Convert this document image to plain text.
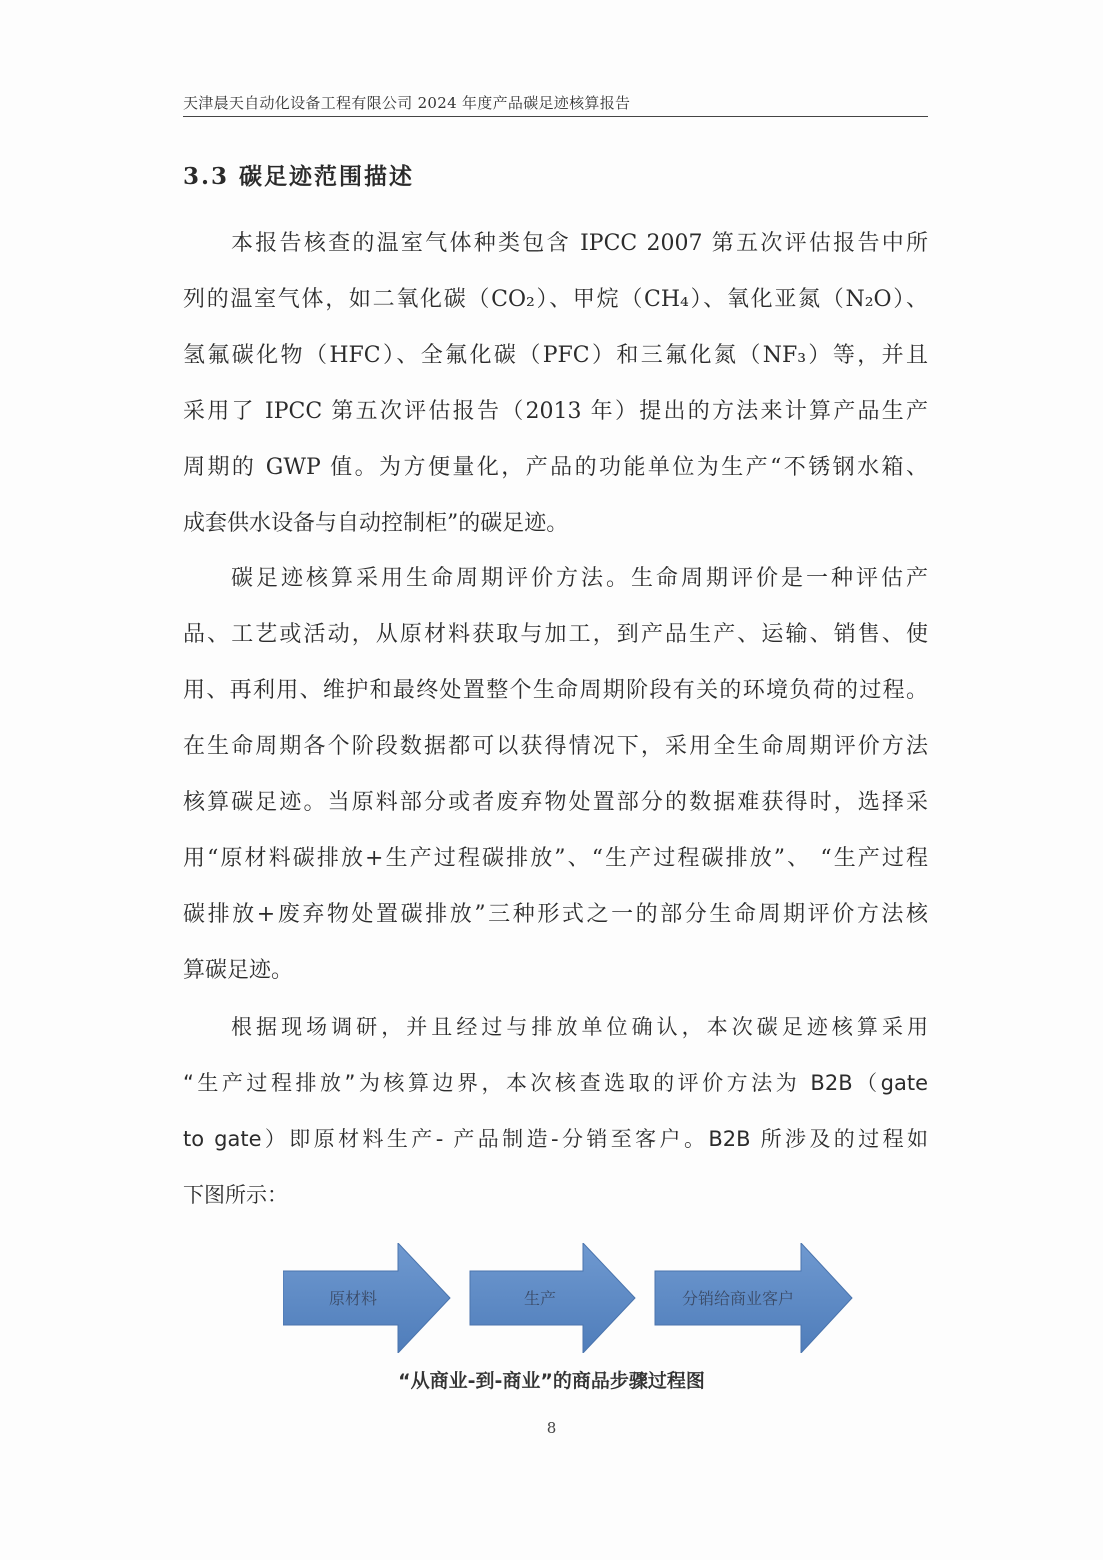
天津晨天自动化设备工程有限公司 2024 年度产品碳足迹核算报告
3.3 碳足迹范围描述
本报告核查的温室气体种类包含 IPCC 2007 第五次评估报告中所
列的温室气体，如二氧化碳（CO₂）、甲烷（CH₄）、氧化亚氮（N₂O）、
氢氟碳化物（HFC）、全氟化碳（PFC）和三氟化氮（NF₃）等，并且
采用了 IPCC 第五次评估报告（2013 年）提出的方法来计算产品生产
周期的 GWP 值。为方便量化，产品的功能单位为生产“不锈钢水箱、
成套供水设备与自动控制柜”的碳足迹。
碳足迹核算采用生命周期评价方法。生命周期评价是一种评估产
品、工艺或活动，从原材料获取与加工，到产品生产、运输、销售、使
用、再利用、维护和最终处置整个生命周期阶段有关的环境负荷的过程。
在生命周期各个阶段数据都可以获得情况下，采用全生命周期评价方法
核算碳足迹。当原料部分或者废弃物处置部分的数据难获得时，选择采
用“原材料碳排放+生产过程碳排放”、“生产过程碳排放”、 “生产过程
碳排放+废弃物处置碳排放”三种形式之一的部分生命周期评价方法核
算碳足迹。
根据现场调研，并且经过与排放单位确认，本次碳足迹核算采用
“生产过程排放”为核算边界，本次核查选取的评价方法为 B2B（gate
to gate）即原材料生产- 产品制造-分销至客户。B2B 所涉及的过程如
下图所示：
原材料	生产	分销给商业客户
“从商业-到-商业”的商品步骤过程图
8
